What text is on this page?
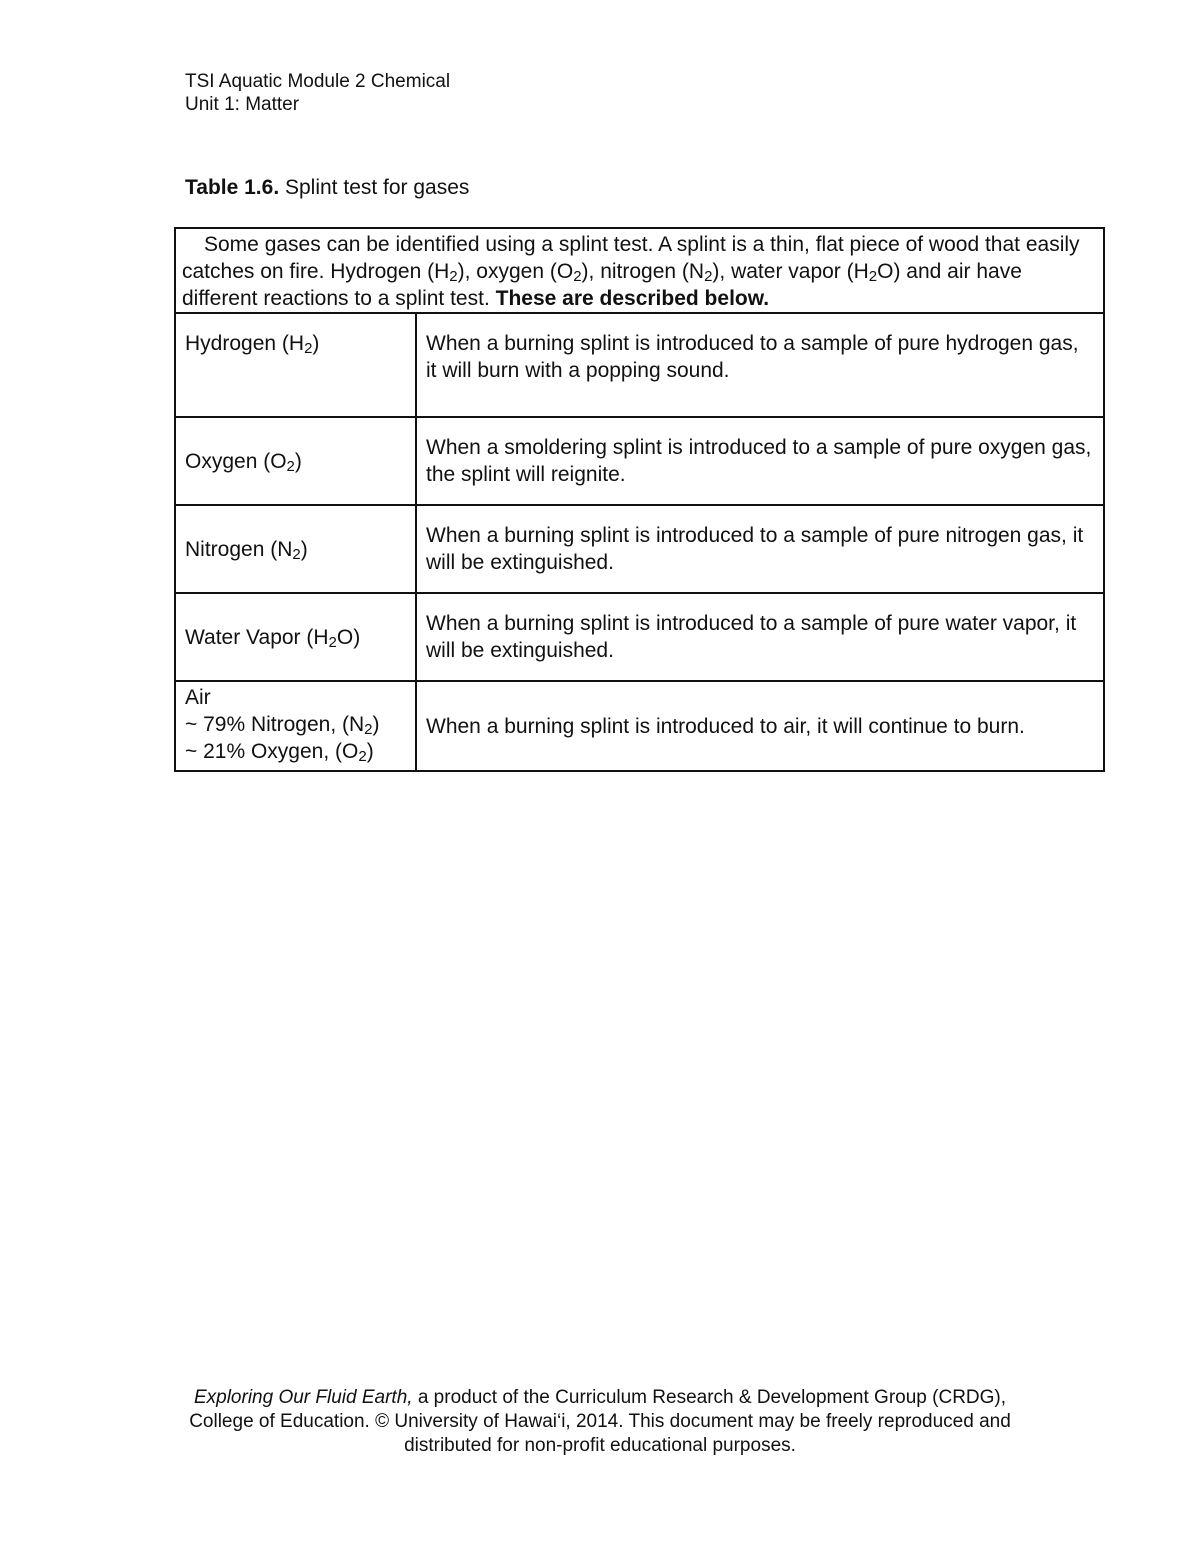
TSI Aquatic Module 2 Chemical
Unit 1: Matter
Table 1.6. Splint test for gases
Some gases can be identified using a splint test. A splint is a thin, flat piece of wood that easily catches on fire. Hydrogen $(H_2)$, oxygen $(O_2)$, nitrogen $(N_2)$, water vapor $(H_2O)$ and air have different reactions to a splint test. These are described below.	

Hydrogen $(H_2)$	When a burning splint is introduced to a sample of pure hydrogen gas, it will burn with a popping sound.
Oxygen $(O_2)$	When a smoldering splint is introduced to a sample of pure oxygen gas, the splint will reignite.
Nitrogen $(N_2)$	When a burning splint is introduced to a sample of pure nitrogen gas, it will be extinguished.
Water Vapor $(H_2O)$	When a burning splint is introduced to a sample of pure water vapor, it will be extinguished.

Air
~ 79% Nitrogen, $(N_2)$
~ 21% Oxygen, $(O_2)$	When a burning splint is introduced to air, it will continue to burn.
Exploring Our Fluid Earth, a product of the Curriculum Research & Development Group (CRDG),
College of Education. © University of Hawai‘i, 2014. This document may be freely reproduced and
distributed for non-profit educational purposes.
